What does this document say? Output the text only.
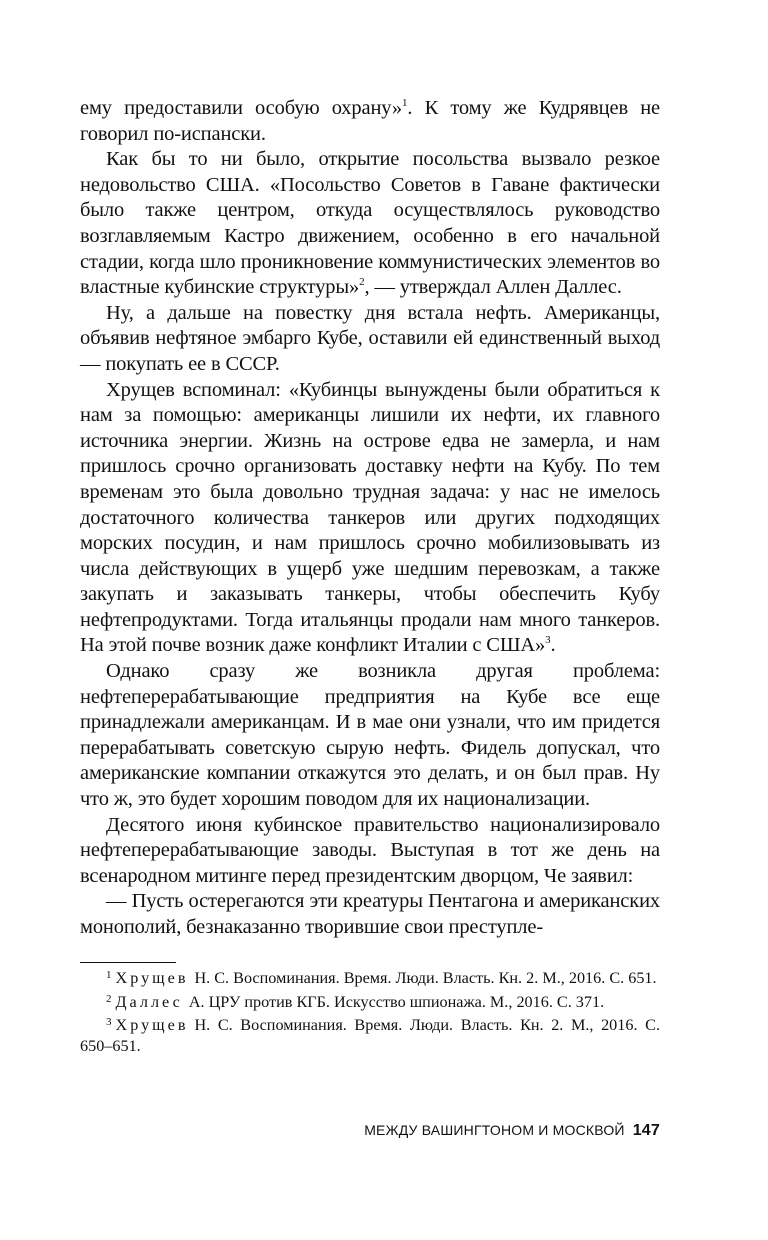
ему предоставили особую охрану»$^1$. К тому же Кудрявцев не говорил по-испански.

Как бы то ни было, открытие посольства вызвало резкое недовольство США. «Посольство Советов в Гаване фактически было также центром, откуда осуществлялось руководство возглавляемым Кастро движением, особенно в его начальной стадии, когда шло проникновение коммунистических элементов во властные кубинские структуры»$^2$, — утверждал Аллен Даллес.

Ну, а дальше на повестку дня встала нефть. Американцы, объявив нефтяное эмбарго Кубе, оставили ей единственный выход — покупать ее в СССР.

Хрущев вспоминал: «Кубинцы вынуждены были обратиться к нам за помощью: американцы лишили их нефти, их главного источника энергии. Жизнь на острове едва не замерла, и нам пришлось срочно организовать доставку нефти на Кубу. По тем временам это была довольно трудная задача: у нас не имелось достаточного количества танкеров или других подходящих морских посудин, и нам пришлось срочно мобилизовывать из числа действующих в ущерб уже шедшим перевозкам, а также закупать и заказывать танкеры, чтобы обеспечить Кубу нефтепродуктами. Тогда итальянцы продали нам много танкеров. На этой почве возник даже конфликт Италии с США»$^3$.

Однако сразу же возникла другая проблема: нефтеперерабатывающие предприятия на Кубе все еще принадлежали американцам. И в мае они узнали, что им придется перерабатывать советскую сырую нефть. Фидель допускал, что американские компании откажутся это делать, и он был прав. Ну что ж, это будет хорошим поводом для их национализации.

Десятого июня кубинское правительство национализировало нефтеперерабатывающие заводы. Выступая в тот же день на всенародном митинге перед президентским дворцом, Че заявил:

— Пусть остерегаются эти креатуры Пентагона и американских монополий, безнаказанно творившие свои преступле-

$^1$ Хрущев Н. С. Воспоминания. Время. Люди. Власть. Кн. 2. М., 2016. С. 651.

$^2$ Даллес А. ЦРУ против КГБ. Искусство шпионажа. М., 2016. С. 371.

$^3$ Хрущев Н. С. Воспоминания. Время. Люди. Власть. Кн. 2. М., 2016. С. 650–651.

МЕЖДУ ВАШИНГТОНОМ И МОСКВОЙ 147
